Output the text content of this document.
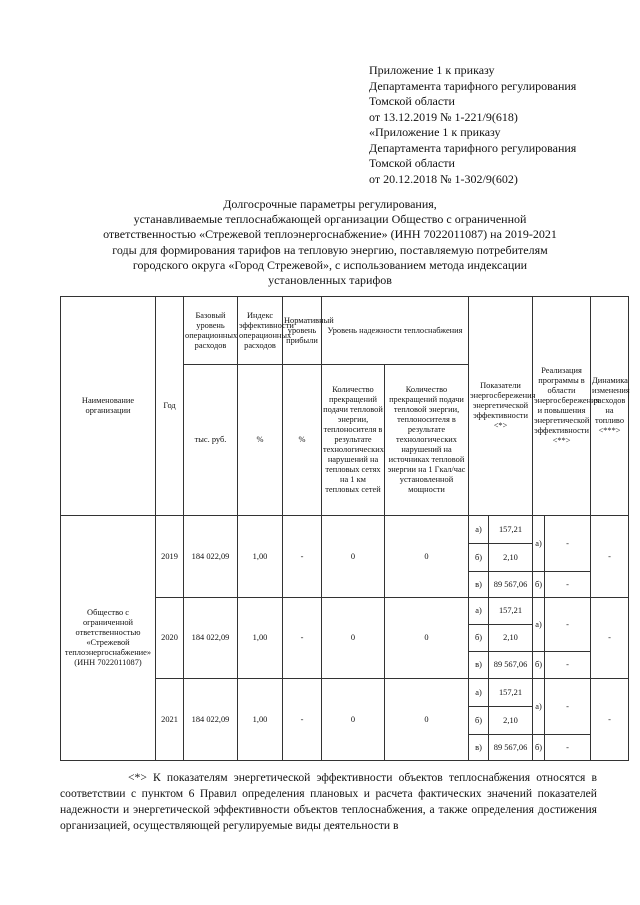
Приложение 1 к приказу
Департамента тарифного регулирования
Томской области
от 13.12.2019 № 1-221/9(618)
«Приложение 1 к приказу
Департамента тарифного регулирования
Томской области
от 20.12.2018 № 1-302/9(602)
Долгосрочные параметры регулирования,
устанавливаемые теплоснабжающей организации Общество с ограниченной
ответственностью «Стрежевой теплоэнергоснабжение» (ИНН 7022011087) на 2019-2021
годы для формирования тарифов на тепловую энергию, поставляемую потребителям
городского округа «Город Стрежевой», с использованием метода индексации
установленных тарифов
Наименование организации	Год	Базовый уровень операционных расходов	Индекс эффективности операционных расходов	Нормативный уровень прибыли	Уровень надежности теплоснабжения		Показатели энергосбережения энергетической эффективности <*>		Реализация программы в области энергосбережения и повышения энергетической эффективности <**>		Динамика изменения расходов на топливо <***>
		тыс. руб.	%	%	Количество прекращений подачи тепловой энергии, теплоносителя в результате технологических нарушений на тепловых сетях на 1 км тепловых сетей	Количество прекращений подачи тепловой энергии, теплоносителя в результате технологических нарушений на источниках тепловой энергии на 1 Гкал/час установленной мощности					

Общество с ограниченной ответственностью «Стрежевой теплоэнергоснабжение» (ИНН 7022011087)	2019	184 022,09	1,00	-	0	0	а)	157,21	а)	-	-
							б)	2,10			
							в)	89 567,06	б)	-	
	2020	184 022,09	1,00	-	0	0	а)	157,21	а)	-	-
							б)	2,10			
							в)	89 567,06	б)	-	
	2021	184 022,09	1,00	-	0	0	а)	157,21	а)	-	-
							б)	2,10			
							в)	89 567,06	б)	-	
<*> К показателям энергетической эффективности объектов теплоснабжения относятся в соответствии с пунктом 6 Правил определения плановых и расчета фактических значений показателей надежности и энергетической эффективности объектов теплоснабжения, а также определения достижения организацией, осуществляющей регулируемые виды деятельности в
